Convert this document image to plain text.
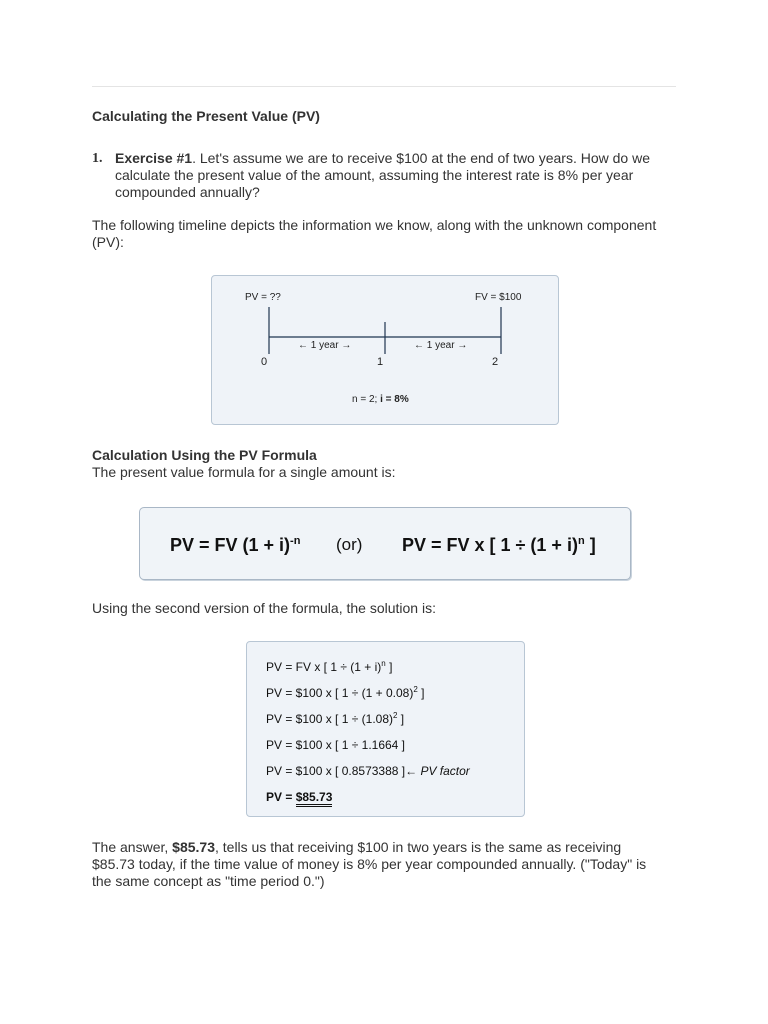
Calculating the Present Value (PV)
1. Exercise #1. Let's assume we are to receive $100 at the end of two years. How do we calculate the present value of the amount, assuming the interest rate is 8% per year compounded annually?
The following timeline depicts the information we know, along with the unknown component (PV):
PV = ??	FV = $100
← 1 year →	← 1 year →
0	1	2
n = 2; i = 8%
Calculation Using the PV Formula
The present value formula for a single amount is:
PV = FV $(1 + i)^{-n}$ (or) PV = FV x [ $1 \div (1 + i)^n$ ]
Using the second version of the formula, the solution is:
PV = FV x [ $1 \div (1 + i)^n$ ]
PV = $100 x [ $1 \div (1 + 0.08)^2$ ]
PV = $100 x [ $1 \div (1.08)^2$ ]
PV = $100 x [ 1 ÷ 1.1664 ]
PV = $100 x [ 0.8573388 ]← PV factor
PV = $85.73
The answer, $85.73, tells us that receiving $100 in two years is the same as receiving $85.73 today, if the time value of money is 8% per year compounded annually. ("Today" is the same concept as "time period 0.")
